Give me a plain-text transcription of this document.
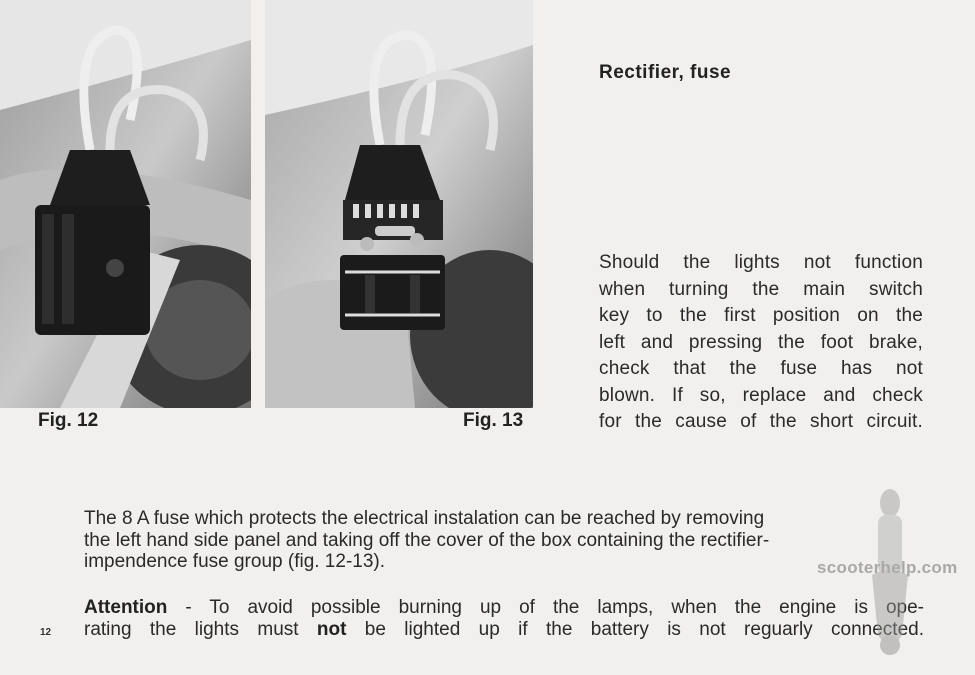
Fig. 12	Fig. 13
Rectifier, fuse
Should the lights not function
when turning the main switch
key to the first position on the
left and pressing the foot brake,
check that the fuse has not
blown. If so, replace and check
for the cause of the short circuit.
The 8 A fuse which protects the electrical instalation can be reached by removing
the left hand side panel and taking off the cover of the box containing the rectifier-
impendence fuse group (fig. 12-13).
Attention - To avoid possible burning up of the lamps, when the engine is ope-
rating the lights must not be lighted up if the battery is not reguarly connected.
12
scooterhelp.com
